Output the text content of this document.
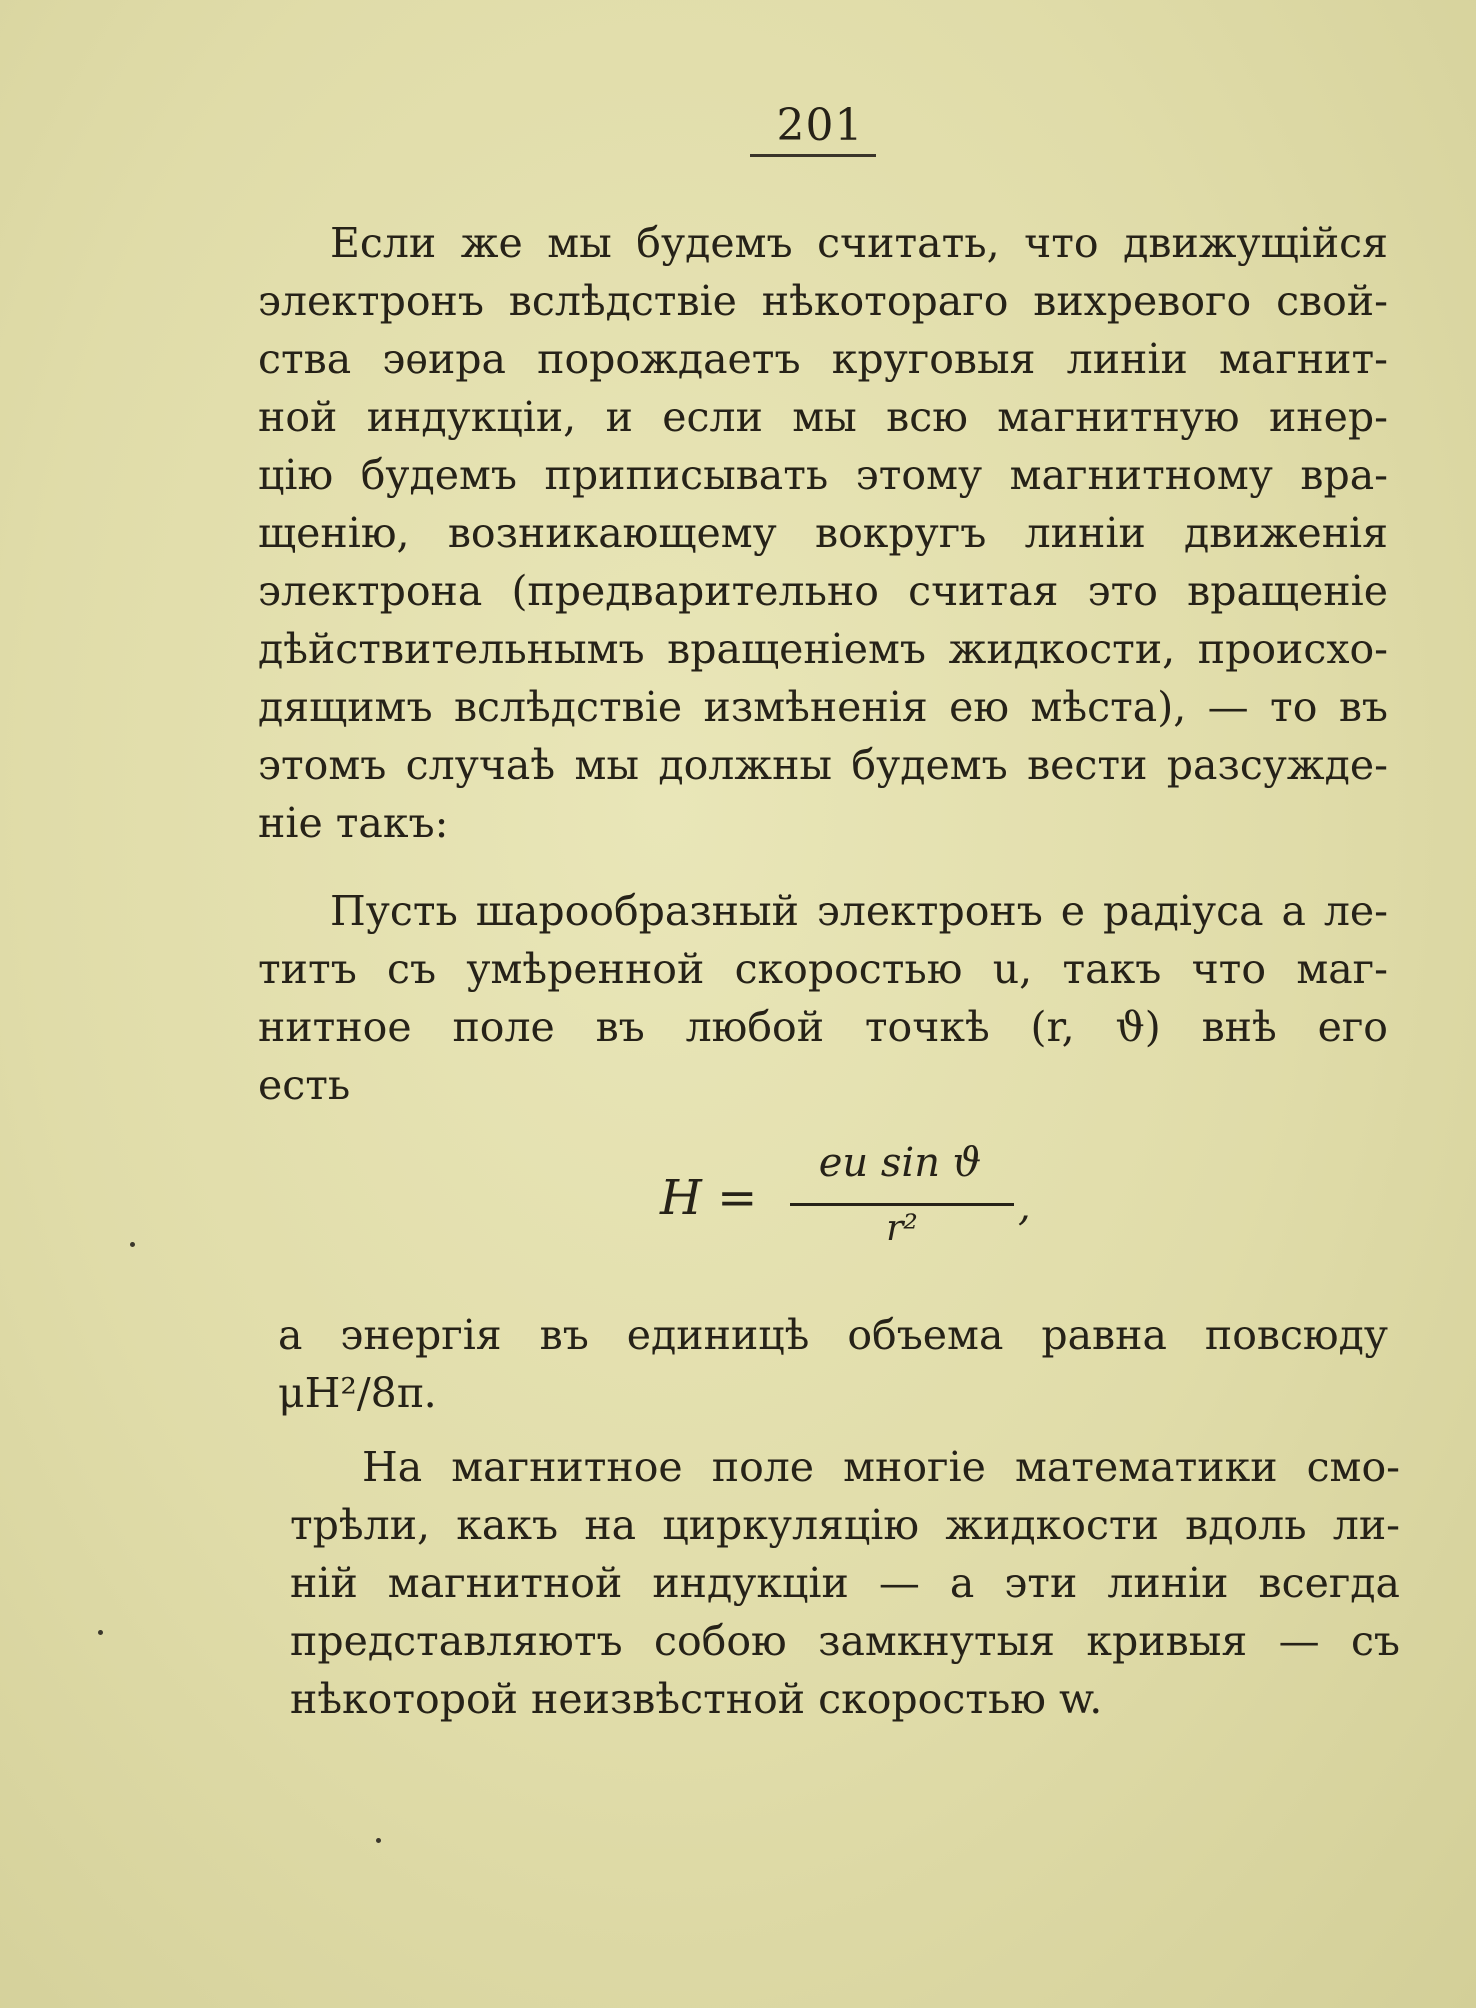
201
Если же мы будемъ считать, что движущійся
электронъ вслѣдствіе нѣкотораго вихревого свой-
ства эѳира порождаетъ круговыя линіи магнит-
ной индукціи, и если мы всю магнитную инер-
цію будемъ приписывать этому магнитному вра-
щенію, возникающему вокругъ линіи движенія
электрона (предварительно считая это вращеніе
дѣйствительнымъ вращеніемъ жидкости, происхо-
дящимъ вслѣдствіе измѣненія ею мѣста), — то въ
этомъ случаѣ мы должны будемъ вести разсужде-
ніе такъ:
Пусть шарообразный электронъ e радіуса a ле-
титъ съ умѣренной скоростью u, такъ что маг-
нитное поле въ любой точкѣ (r, ϑ) внѣ его
есть
H =
eu sin ϑ
r²	,
а энергія въ единицѣ объема равна повсюду
μH²/8π.
На магнитное поле многіе математики смо-
трѣли, какъ на циркуляцію жидкости вдоль ли-
ній магнитной индукціи — а эти линіи всегда
представляютъ собою замкнутыя кривыя — съ
нѣкоторой неизвѣстной скоростью w.
